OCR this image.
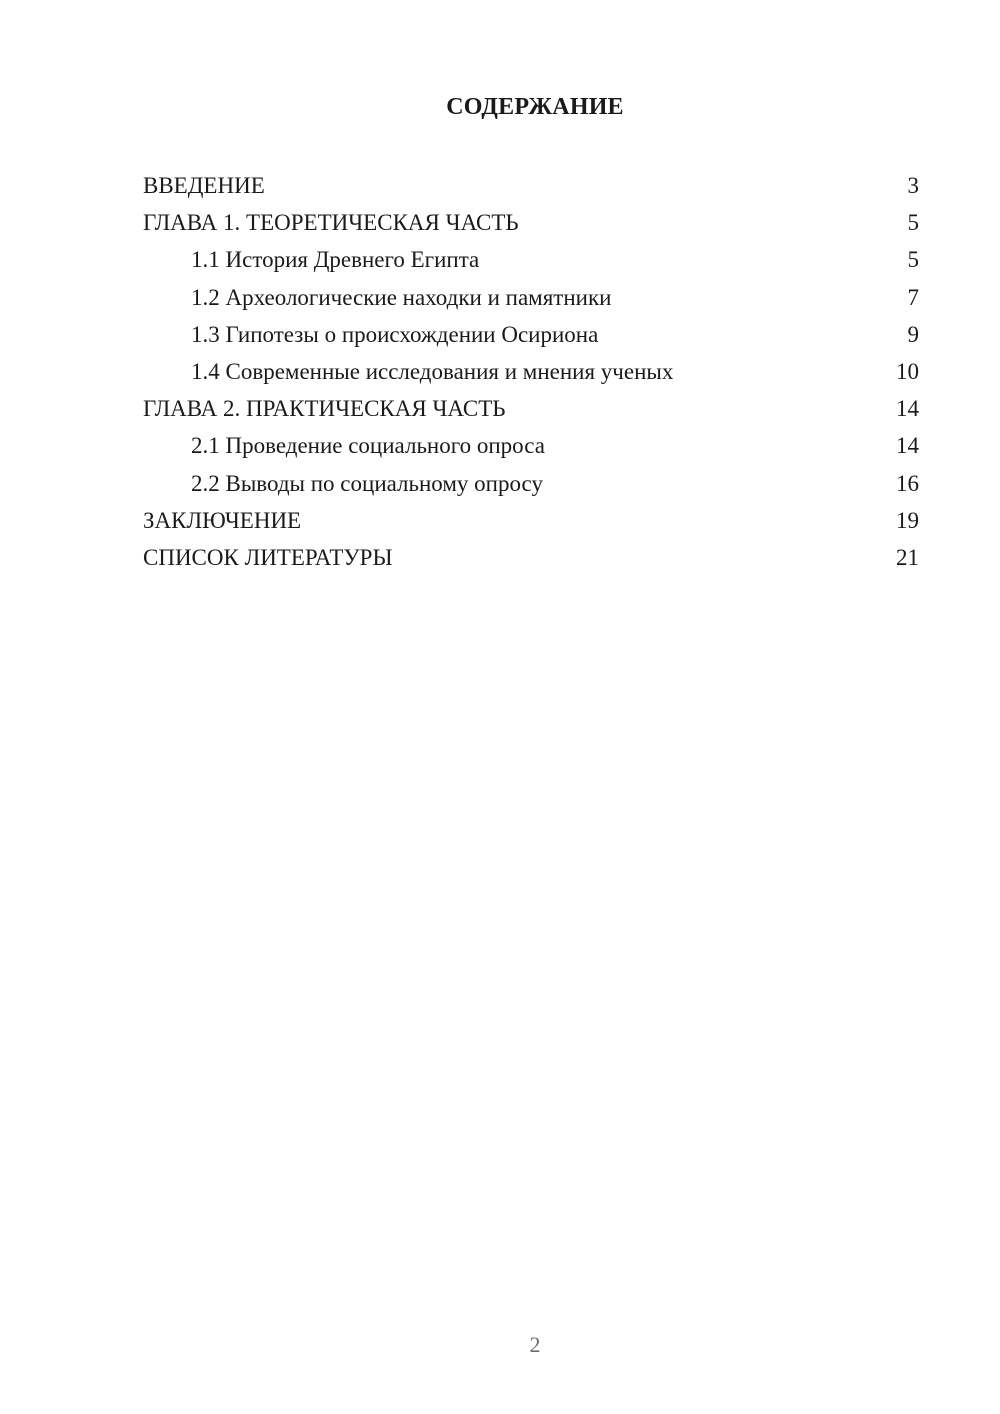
СОДЕРЖАНИЕ
ВВЕДЕНИЕ	3
ГЛАВА 1. ТЕОРЕТИЧЕСКАЯ ЧАСТЬ	5
1.1 История Древнего Египта	5
1.2 Археологические находки и памятники	7
1.3 Гипотезы о происхождении Осириона	9
1.4 Современные исследования и мнения ученых	10
ГЛАВА 2. ПРАКТИЧЕСКАЯ ЧАСТЬ	14
2.1 Проведение социального опроса	14
2.2 Выводы по социальному опросу	16
ЗАКЛЮЧЕНИЕ	19
СПИСОК ЛИТЕРАТУРЫ	21
2
